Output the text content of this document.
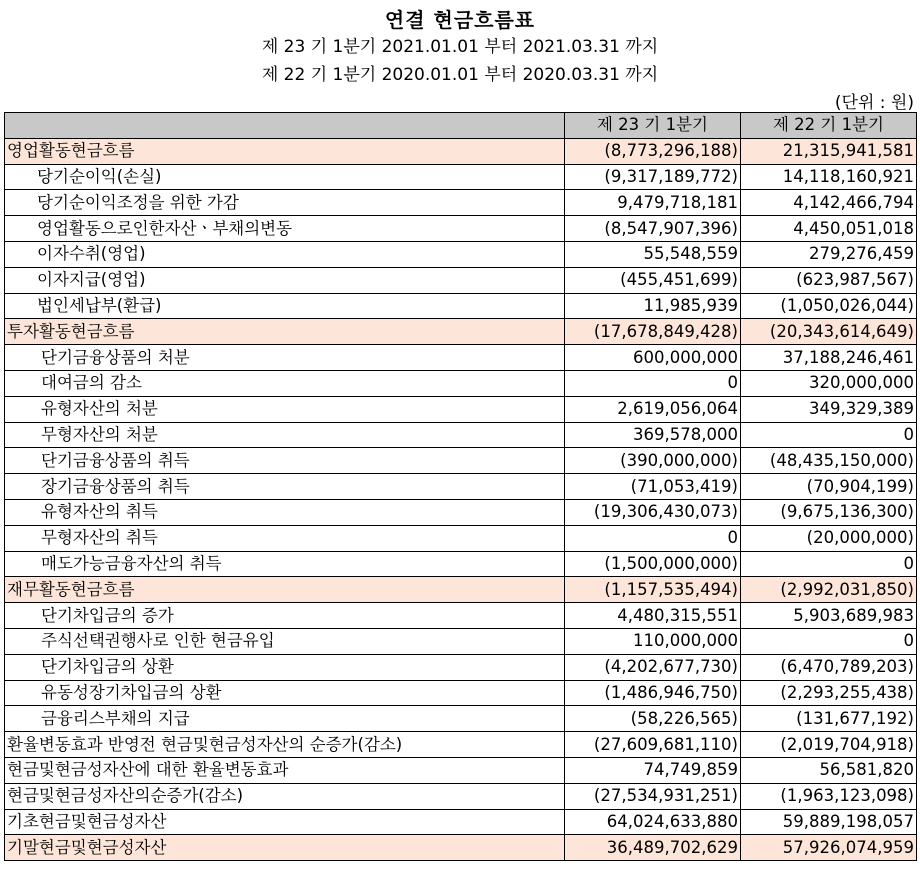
연결 현금흐름표
제 23 기 1분기 2021.01.01 부터 2021.03.31 까지
제 22 기 1분기 2020.01.01 부터 2020.03.31 까지
(단위 : 원)
	제 23 기 1분기	제 22 기 1분기
영업활동현금흐름	(8,773,296,188)	21,315,941,581
당기순이익(손실)	(9,317,189,772)	14,118,160,921
당기순이익조정을 위한 가감	9,479,718,181	4,142,466,794
영업활동으로인한자산ㆍ부채의변동	(8,547,907,396)	4,450,051,018
이자수취(영업)	55,548,559	279,276,459
이자지급(영업)	(455,451,699)	(623,987,567)
법인세납부(환급)	11,985,939	(1,050,026,044)
투자활동현금흐름	(17,678,849,428)	(20,343,614,649)
단기금융상품의 처분	600,000,000	37,188,246,461
대여금의 감소	0	320,000,000
유형자산의 처분	2,619,056,064	349,329,389
무형자산의 처분	369,578,000	0
단기금융상품의 취득	(390,000,000)	(48,435,150,000)
장기금융상품의 취득	(71,053,419)	(70,904,199)
유형자산의 취득	(19,306,430,073)	(9,675,136,300)
무형자산의 취득	0	(20,000,000)
매도가능금융자산의 취득	(1,500,000,000)	0
재무활동현금흐름	(1,157,535,494)	(2,992,031,850)
단기차입금의 증가	4,480,315,551	5,903,689,983
주식선택권행사로 인한 현금유입	110,000,000	0
단기차입금의 상환	(4,202,677,730)	(6,470,789,203)
유동성장기차입금의 상환	(1,486,946,750)	(2,293,255,438)
금융리스부채의 지급	(58,226,565)	(131,677,192)
환율변동효과 반영전 현금및현금성자산의 순증가(감소)	(27,609,681,110)	(2,019,704,918)
현금및현금성자산에 대한 환율변동효과	74,749,859	56,581,820
현금및현금성자산의순증가(감소)	(27,534,931,251)	(1,963,123,098)
기초현금및현금성자산	64,024,633,880	59,889,198,057
기말현금및현금성자산	36,489,702,629	57,926,074,959
